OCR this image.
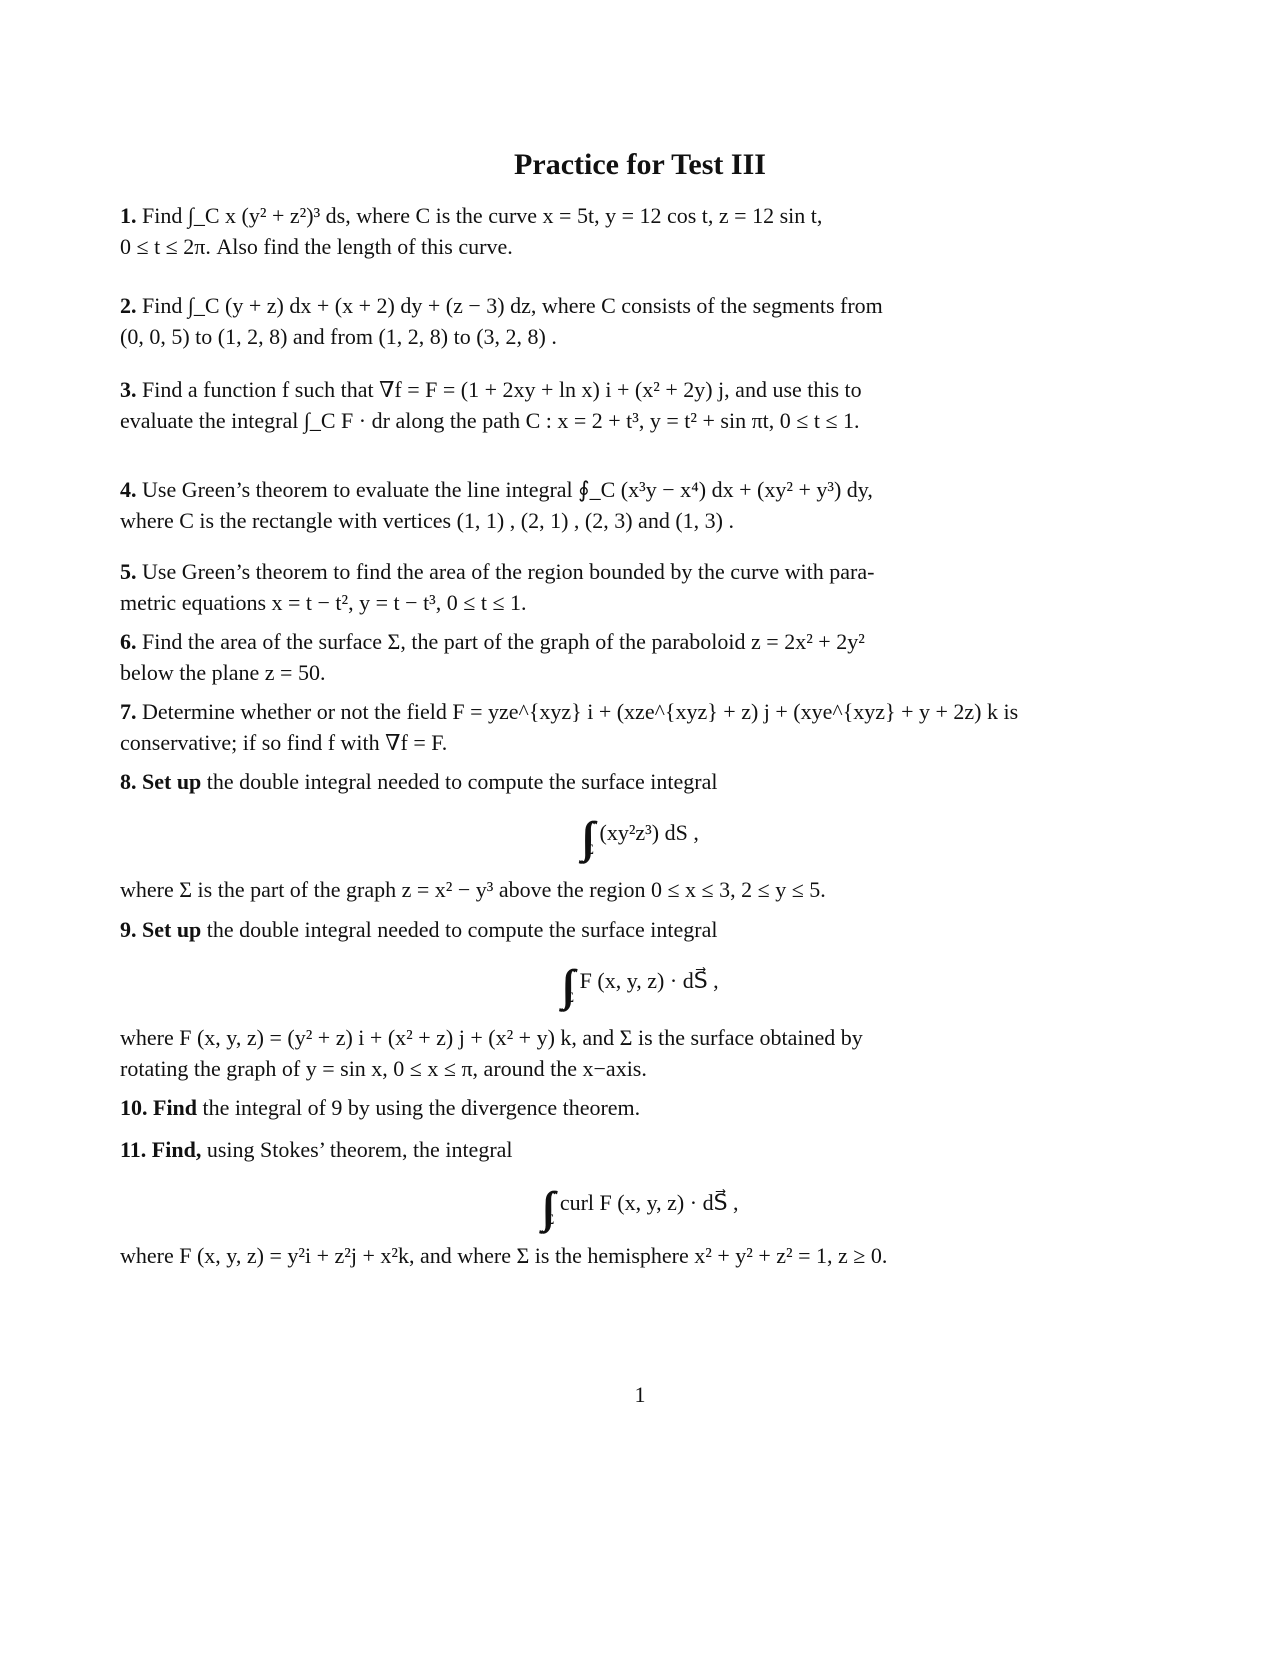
Practice for Test III
1. Find ∫_C x (y² + z²)³ ds, where C is the curve x = 5t, y = 12 cos t, z = 12 sin t,
0 ≤ t ≤ 2π. Also find the length of this curve.
2. Find ∫_C (y + z) dx + (x + 2) dy + (z − 3) dz, where C consists of the segments from
(0, 0, 5) to (1, 2, 8) and from (1, 2, 8) to (3, 2, 8) .
3. Find a function f such that ∇f = F = (1 + 2xy + ln x) i + (x² + 2y) j, and use this to
evaluate the integral ∫_C F · dr along the path C : x = 2 + t³, y = t² + sin πt, 0 ≤ t ≤ 1.
4. Use Green’s theorem to evaluate the line integral ∮_C (x³y − x⁴) dx + (xy² + y³) dy,
where C is the rectangle with vertices (1, 1) , (2, 1) , (2, 3) and (1, 3) .
5. Use Green’s theorem to find the area of the region bounded by the curve with para-
metric equations x = t − t², y = t − t³, 0 ≤ t ≤ 1.
6. Find the area of the surface Σ, the part of the graph of the paraboloid z = 2x² + 2y²
below the plane z = 50.
7. Determine whether or not the field F = yze^{xyz} i + (xze^{xyz} + z) j + (xye^{xyz} + y + 2z) k is
conservative; if so find f with ∇f = F.
8. Set up the double integral needed to compute the surface integral
$\int\int_\Sigma$ (xy²z³) dS ,
where Σ is the part of the graph z = x² − y³ above the region 0 ≤ x ≤ 3, 2 ≤ y ≤ 5.
9. Set up the double integral needed to compute the surface integral
$\int\int_\Sigma$ F (x, y, z) · dS⃗ ,
where F (x, y, z) = (y² + z) i + (x² + z) j + (x² + y) k, and Σ is the surface obtained by
rotating the graph of y = sin x, 0 ≤ x ≤ π, around the x−axis.
10. Find the integral of 9 by using the divergence theorem.
11. Find, using Stokes’ theorem, the integral
$\int\int_\Sigma$ curl F (x, y, z) · dS⃗ ,
where F (x, y, z) = y²i + z²j + x²k, and where Σ is the hemisphere x² + y² + z² = 1, z ≥ 0.
1
